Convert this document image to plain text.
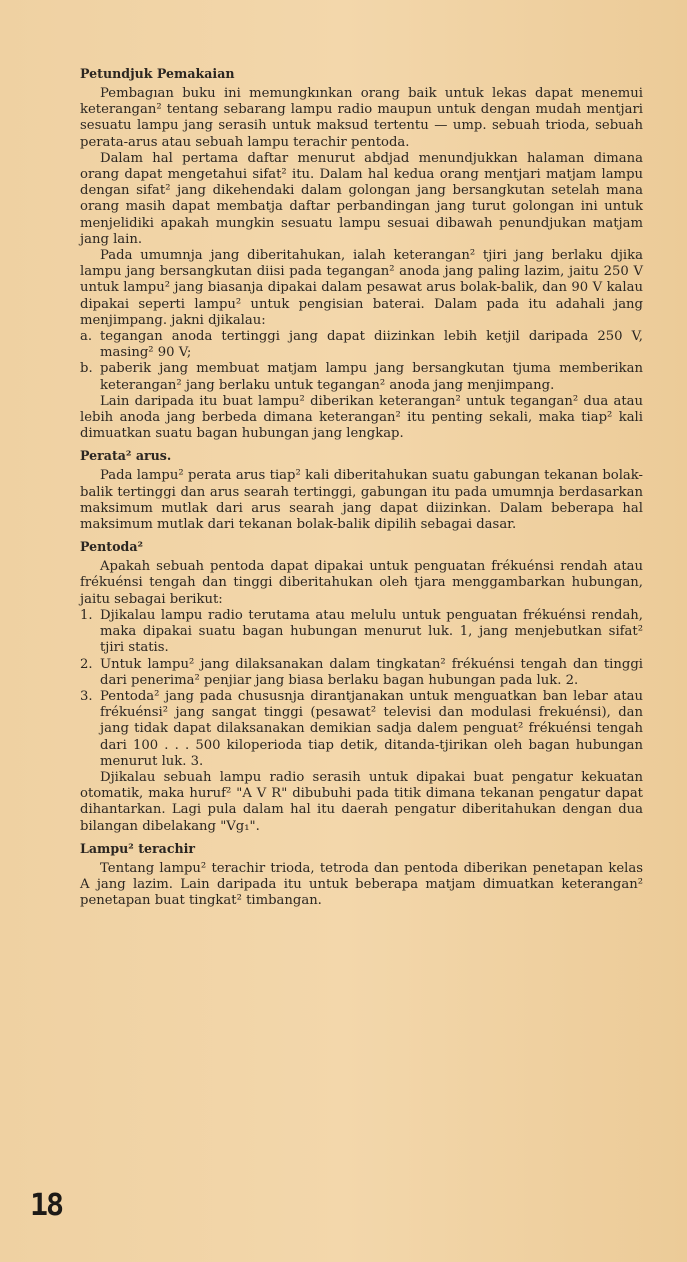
Petundjuk Pemakaian

Pembagıan buku ini memungkınkan orang baik untuk lekas dapat menemui keterangan² tentang sebarang lampu radio maupun untuk dengan mudah mentjari sesuatu lampu jang serasih untuk maksud tertentu — ump. sebuah trioda, sebuah perata-arus atau sebuah lampu terachir pentoda.

Dalam hal pertama daftar menurut abdjad menundjukkan halaman dimana orang dapat mengetahui sifat² itu. Dalam hal kedua orang mentjari matjam lampu dengan sifat² jang dikehendaki dalam golongan jang bersangkutan setelah mana orang masih dapat membatja daftar perbandingan jang turut golongan ini untuk menjelidiki apakah mungkin sesuatu lampu sesuai dibawah penundjukan matjam jang lain.

Pada umumnja jang diberitahukan, ialah keterangan² tjiri jang berlaku djika lampu jang bersangkutan diisi pada tegangan² anoda jang paling lazim, jaitu 250 V untuk lampu² jang biasanja dipakai dalam pesawat arus bolak-balik, dan 90 V kalau dipakai seperti lampu² untuk pengisian baterai. Dalam pada itu adahali jang menjimpang. jakni djikalau:

a. tegangan anoda tertinggi jang dapat diizinkan lebih ketjil daripada 250 V, masing² 90 V;
b. paberik jang membuat matjam lampu jang bersangkutan tjuma memberikan keterangan² jang berlaku untuk tegangan² anoda jang menjimpang.

Lain daripada itu buat lampu² diberikan keterangan² untuk tegangan² dua atau lebih anoda jang berbeda dimana keterangan² itu penting sekali, maka tiap² kali dimuatkan suatu bagan hubungan jang lengkap.

Perata² arus.

Pada lampu² perata arus tiap² kali diberitahukan suatu gabungan tekanan bolak-balik tertinggi dan arus searah tertinggi, gabungan itu pada umumnja berdasarkan maksimum mutlak dari arus searah jang dapat diizinkan. Dalam beberapa hal maksimum mutlak dari tekanan bolak-balik dipilih sebagai dasar.

Pentoda²

Apakah sebuah pentoda dapat dipakai untuk penguatan frékuénsi rendah atau frékuénsi tengah dan tinggi diberitahukan oleh tjara menggambarkan hubungan, jaitu sebagai berikut:

1. Djikalau lampu radio terutama atau melulu untuk penguatan frékuénsi rendah, maka dipakai suatu bagan hubungan menurut luk. 1, jang menjebutkan sifat² tjiri statis.
2. Untuk lampu² jang dilaksanakan dalam tingkatan² frékuénsi tengah dan tinggi dari penerima² penjiar jang biasa berlaku bagan hubungan pada luk. 2.
3. Pentoda² jang pada chususnja dirantjanakan untuk menguatkan ban lebar atau frékuénsi² jang sangat tinggi (pesawat² televisi dan modulasi frekuénsi), dan jang tidak dapat dilaksanakan demikian sadja dalem penguat² frékuénsi tengah dari 100 . . . 500 kiloperioda tiap detik, ditanda-tjirikan oleh bagan hubungan menurut luk. 3.

Djikalau sebuah lampu radio serasih untuk dipakai buat pengatur kekuatan otomatik, maka huruf² "A V R" dibubuhi pada titik dimana tekanan pengatur dapat dihantarkan. Lagi pula dalam hal itu daerah pengatur diberitahukan dengan dua bilangan dibelakang "Vg₁".

Lampu² terachir

Tentang lampu² terachir trioda, tetroda dan pentoda diberikan penetapan kelas A jang lazim. Lain daripada itu untuk beberapa matjam dimuatkan keterangan² penetapan buat tingkat² timbangan.

18
